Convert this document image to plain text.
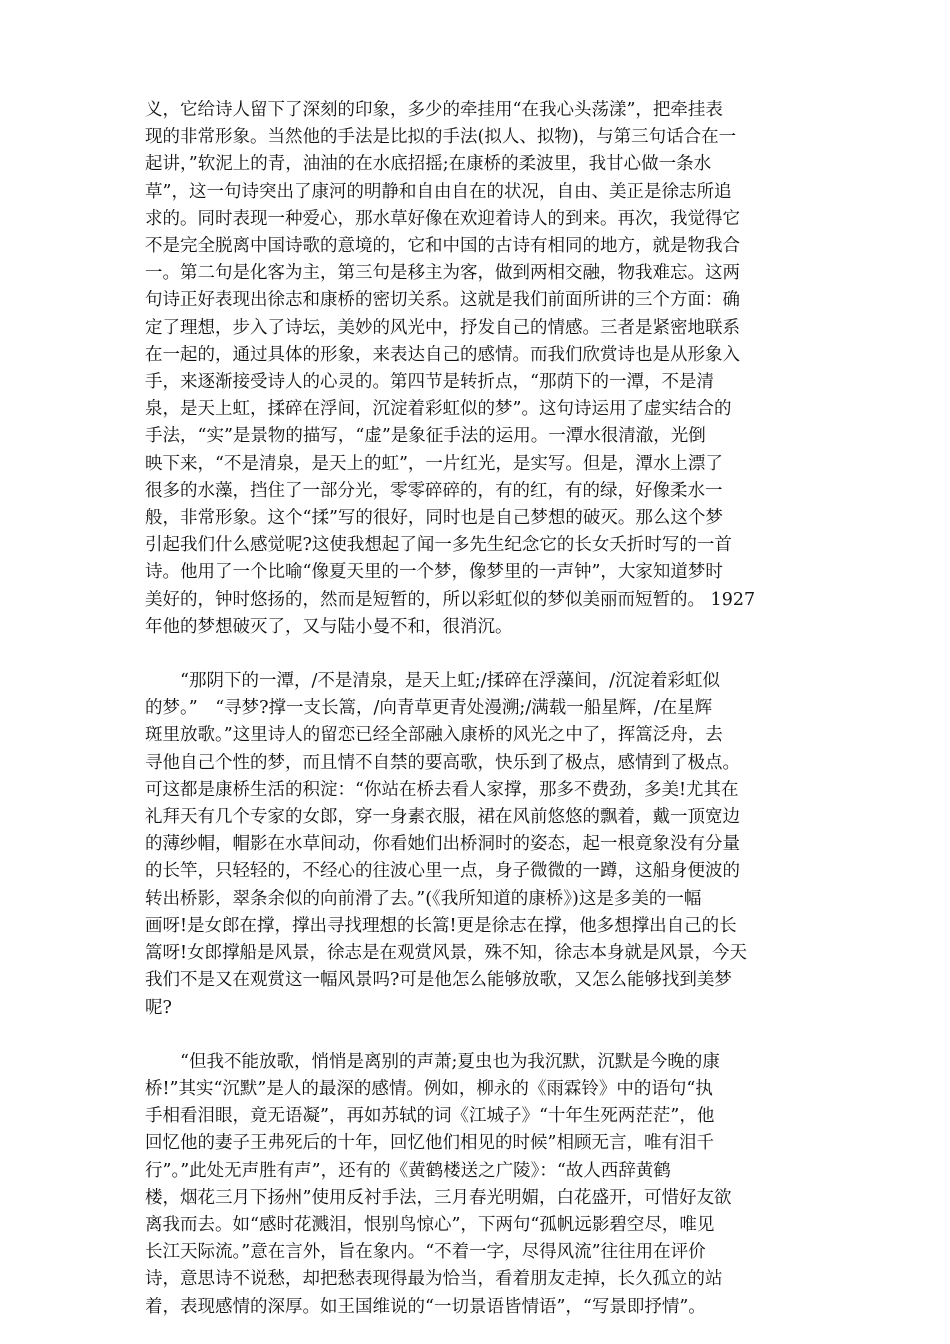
义，它给诗人留下了深刻的印象，多少的牵挂用“在我心头荡漾”，把牵挂表
现的非常形象。当然他的手法是比拟的手法(拟人、拟物)，与第三句话合在一
起讲，”软泥上的青，油油的在水底招摇;在康桥的柔波里，我甘心做一条水
草”，这一句诗突出了康河的明静和自由自在的状况，自由、美正是徐志所追
求的。同时表现一种爱心，那水草好像在欢迎着诗人的到来。再次，我觉得它
不是完全脱离中国诗歌的意境的，它和中国的古诗有相同的地方，就是物我合
一。第二句是化客为主，第三句是移主为客，做到两相交融，物我难忘。这两
句诗正好表现出徐志和康桥的密切关系。这就是我们前面所讲的三个方面：确
定了理想，步入了诗坛，美妙的风光中，抒发自己的情感。三者是紧密地联系
在一起的，通过具体的形象，来表达自己的感情。而我们欣赏诗也是从形象入
手，来逐渐接受诗人的心灵的。第四节是转折点，“那荫下的一潭，不是清
泉，是天上虹，揉碎在浮间，沉淀着彩虹似的梦”。这句诗运用了虚实结合的
手法，“实”是景物的描写，“虚”是象征手法的运用。一潭水很清澈，光倒
映下来，“不是清泉，是天上的虹”，一片红光，是实写。但是，潭水上漂了
很多的水藻，挡住了一部分光，零零碎碎的，有的红，有的绿，好像柔水一
般，非常形象。这个“揉”写的很好，同时也是自己梦想的破灭。那么这个梦
引起我们什么感觉呢?这使我想起了闻一多先生纪念它的长女夭折时写的一首
诗。他用了一个比喻“像夏天里的一个梦，像梦里的一声钟”，大家知道梦时
美好的，钟时悠扬的，然而是短暂的，所以彩虹似的梦似美丽而短暂的。 1927
年他的梦想破灭了，又与陆小曼不和，很消沉。

　　“那阴下的一潭，/不是清泉，是天上虹;/揉碎在浮藻间，/沉淀着彩虹似
的梦。”　“寻梦?撑一支长篙，/向青草更青处漫溯;/满载一船星辉，/在星辉
斑里放歌。”这里诗人的留恋已经全部融入康桥的风光之中了，挥篙泛舟，去
寻他自己个性的梦，而且情不自禁的要高歌，快乐到了极点，感情到了极点。
可这都是康桥生活的积淀：“你站在桥去看人家撑，那多不费劲，多美!尤其在
礼拜天有几个专家的女郎，穿一身素衣服，裙在风前悠悠的飘着，戴一顶宽边
的薄纱帽，帽影在水草间动，你看她们出桥洞时的姿态，起一根竟象没有分量
的长竿，只轻轻的，不经心的往波心里一点，身子微微的一蹲，这船身便波的
转出桥影，翠条余似的向前滑了去。”(《我所知道的康桥》)这是多美的一幅
画呀!是女郎在撑，撑出寻找理想的长篙!更是徐志在撑，他多想撑出自己的长
篙呀!女郎撑船是风景，徐志是在观赏风景，殊不知，徐志本身就是风景，今天
我们不是又在观赏这一幅风景吗?可是他怎么能够放歌，又怎么能够找到美梦
呢?

　　“但我不能放歌，悄悄是离别的声萧;夏虫也为我沉默，沉默是今晚的康
桥!”其实“沉默”是人的最深的感情。例如，柳永的《雨霖铃》中的语句“执
手相看泪眼，竟无语凝”，再如苏轼的词《江城子》“十年生死两茫茫”，他
回忆他的妻子王弗死后的十年，回忆他们相见的时候”相顾无言，唯有泪千
行”。”此处无声胜有声”，还有的《黄鹤楼送之广陵》：“故人西辞黄鹤
楼，烟花三月下扬州”使用反衬手法，三月春光明媚，白花盛开，可惜好友欲
离我而去。如“感时花溅泪，恨别鸟惊心”，下两句“孤帆远影碧空尽，唯见
长江天际流。”意在言外，旨在象内。“不着一字，尽得风流”往往用在评价
诗，意思诗不说愁，却把愁表现得最为恰当，看着朋友走掉，长久孤立的站
着，表现感情的深厚。如王国维说的“一切景语皆情语”，“写景即抒情”。
